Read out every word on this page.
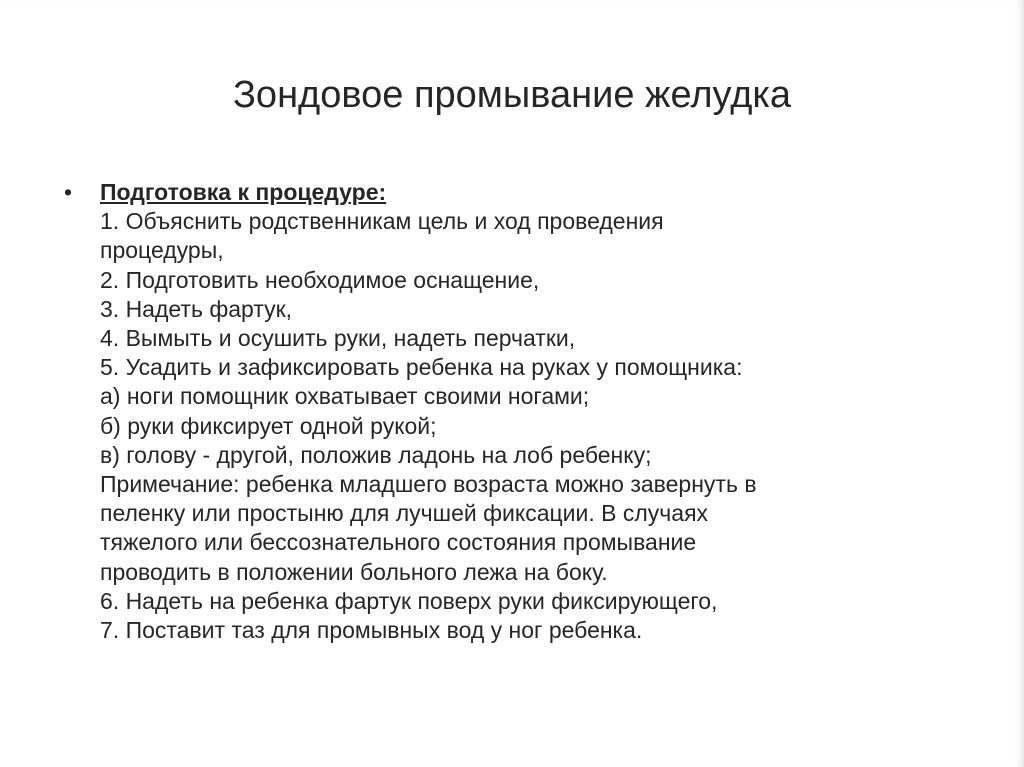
Зондовое промывание желудка
•	Подготовка к процедуре:
1. Объяснить родственникам цель и ход проведения
процедуры,
2. Подготовить необходимое оснащение,
3. Надеть фартук,
4. Вымыть и осушить руки, надеть перчатки,
5. Усадить и зафиксировать ребенка на руках у помощника:
а) ноги помощник охватывает своими ногами;
б) руки фиксирует одной рукой;
в) голову - другой, положив ладонь на лоб ребенку;
Примечание: ребенка младшего возраста можно завернуть в
пеленку или простыню для лучшей фиксации. В случаях
тяжелого или бессознательного состояния промывание
проводить в положении больного лежа на боку.
6. Надеть на ребенка фартук поверх руки фиксирующего,
7. Поставит таз для промывных вод у ног ребенка.
